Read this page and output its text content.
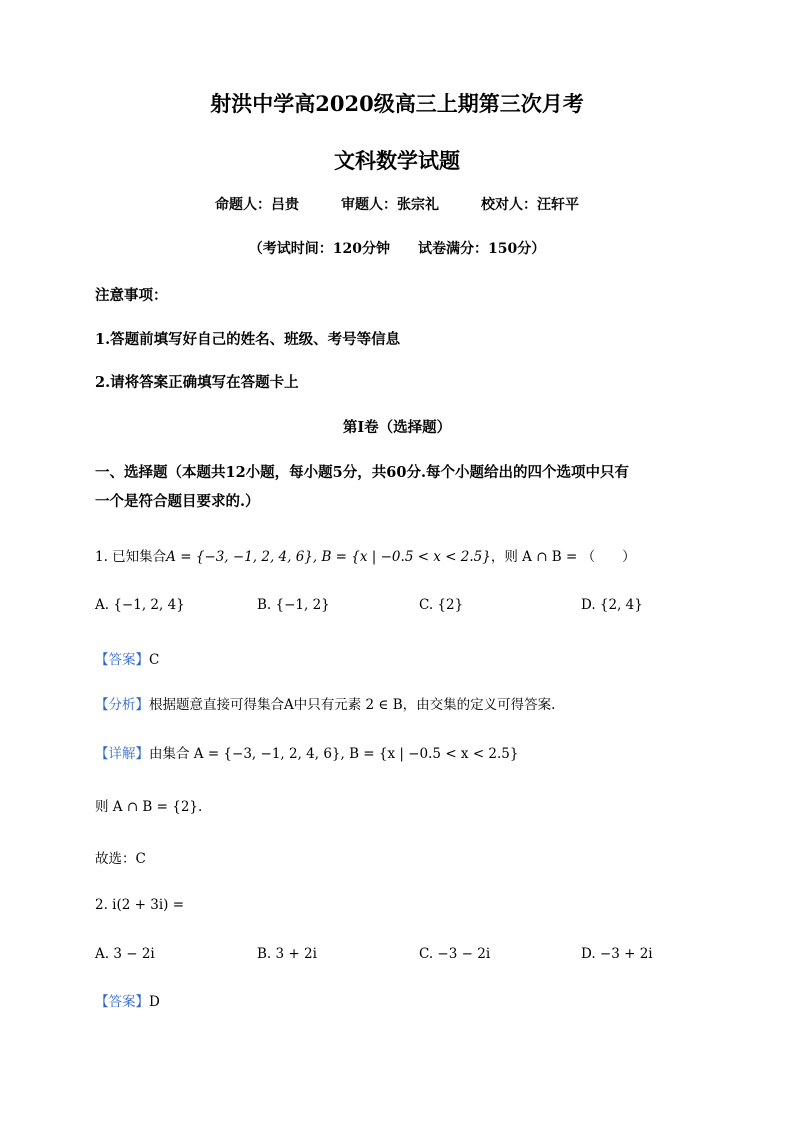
射洪中学高2020级高三上期第三次月考
文科数学试题
命题人：吕贵　　　审题人：张宗礼　　　校对人：汪轩平
（考试时间：120分钟　　试卷满分：150分）
注意事项：
1.答题前填写好自己的姓名、班级、考号等信息
2.请将答案正确填写在答题卡上
第I卷（选择题）
一、选择题（本题共12小题，每小题5分，共60分.每个小题给出的四个选项中只有
一个是符合题目要求的.）
1. 已知集合A = {−3, −1, 2, 4, 6}, B = {x | −0.5 < x < 2.5}，则 A ∩ B = （　　）
A. {−1, 2, 4}	B. {−1, 2}	C. {2}	D. {2, 4}
【答案】C
【分析】根据题意直接可得集合A中只有元素 2 ∈ B，由交集的定义可得答案.
【详解】由集合 A = {−3, −1, 2, 4, 6}, B = {x | −0.5 < x < 2.5}
则 A ∩ B = {2}.
故选：C
2. i(2 + 3i) =
A. 3 − 2i	B. 3 + 2i	C. −3 − 2i	D. −3 + 2i
【答案】D
